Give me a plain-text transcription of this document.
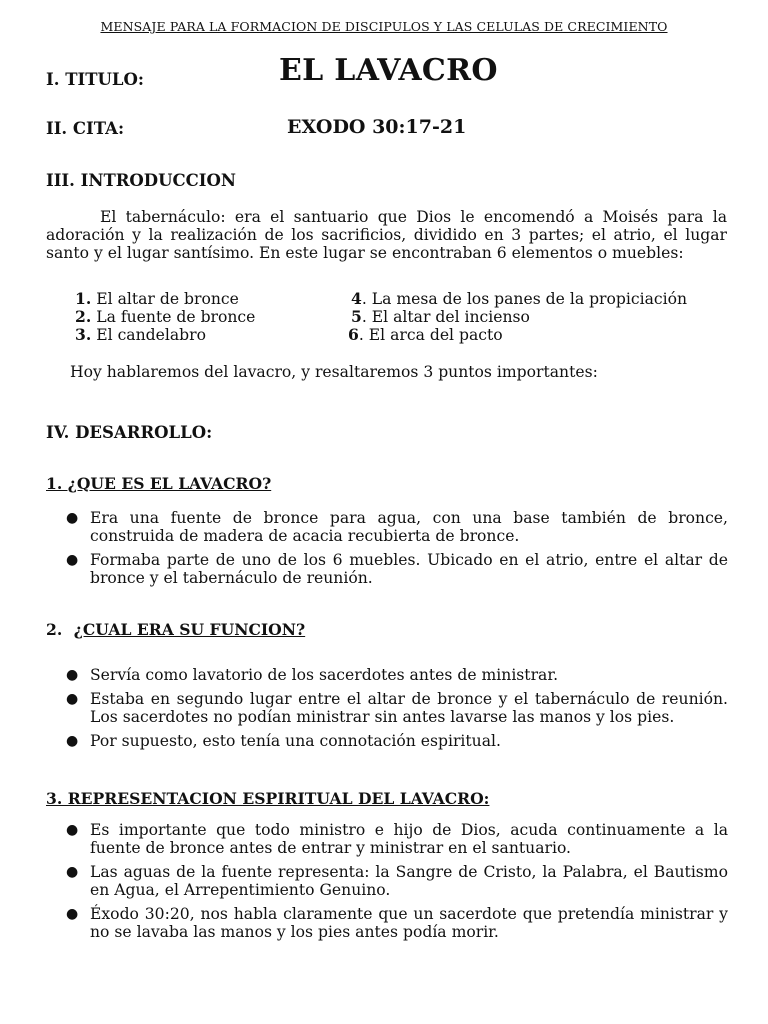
MENSAJE PARA LA FORMACION DE DISCIPULOS Y LAS CELULAS DE CRECIMIENTO
I. TITULO:	EL LAVACRO
II. CITA:	EXODO 30:17-21
III. INTRODUCCION
El tabernáculo: era el santuario que Dios le encomendó a Moisés para la adoración y la realización de los sacrificios, dividido en 3 partes; el atrio, el lugar santo y el lugar santísimo. En este lugar se encontraban 6 elementos o muebles:
1. El altar de bronce
2. La fuente de bronce
3. El candelabro
4. La mesa de los panes de la propiciación
5. El altar del incienso
6. El arca del pacto
Hoy hablaremos del lavacro, y resaltaremos 3 puntos importantes:
IV. DESARROLLO:
1. ¿QUE ES EL LAVACRO?
● Era una fuente de bronce para agua, con una base también de bronce, construida de madera de acacia recubierta de bronce.
● Formaba parte de uno de los 6 muebles. Ubicado en el atrio, entre el altar de bronce y el tabernáculo de reunión.
2. ¿CUAL ERA SU FUNCION?
● Servía como lavatorio de los sacerdotes antes de ministrar.
● Estaba en segundo lugar entre el altar de bronce y el tabernáculo de reunión. Los sacerdotes no podían ministrar sin antes lavarse las manos y los pies.
● Por supuesto, esto tenía una connotación espiritual.
3. REPRESENTACION ESPIRITUAL DEL LAVACRO:
● Es importante que todo ministro e hijo de Dios, acuda continuamente a la fuente de bronce antes de entrar y ministrar en el santuario.
● Las aguas de la fuente representa: la Sangre de Cristo, la Palabra, el Bautismo en Agua, el Arrepentimiento Genuino.
● Éxodo 30:20, nos habla claramente que un sacerdote que pretendía ministrar y no se lavaba las manos y los pies antes podía morir.
